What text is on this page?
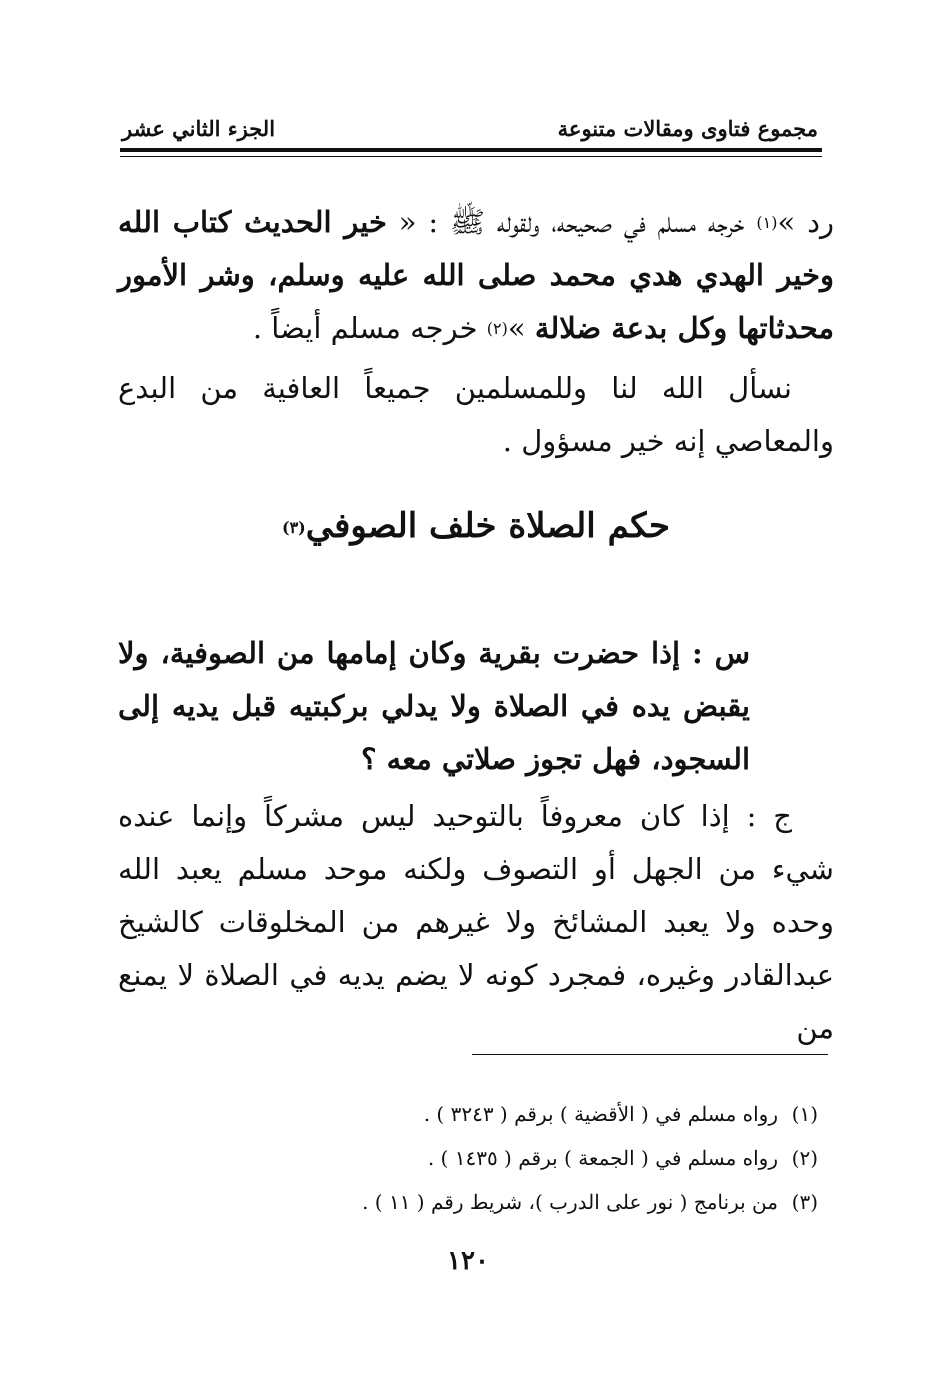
مجموع فتاوى ومقالات متنوعة
الجزء الثاني عشر
رد »$^{(١)}$ خرجه مسلم في صحيحه، ولقوله ﷺ : « خير الحديث كتاب الله وخير الهدي هدي محمد صلى الله عليه وسلم، وشر الأمور محدثاتها وكل بدعة ضلالة »$^{(٢)}$ خرجه مسلم أيضاً .
نسأل الله لنا وللمسلمين جميعاً العافية من البدع والمعاصي إنه خير مسؤول .
حكم الصلاة خلف الصوفي$^{(٣)}$
س : إذا حضرت بقرية وكان إمامها من الصوفية، ولا يقبض يده في الصلاة ولا يدلي بركبتيه قبل يديه إلى السجود، فهل تجوز صلاتي معه ؟
ج : إذا كان معروفاً بالتوحيد ليس مشركاً وإنما عنده شيء من الجهل أو التصوف ولكنه موحد مسلم يعبد الله وحده ولا يعبد المشائخ ولا غيرهم من المخلوقات كالشيخ عبدالقادر وغيره، فمجرد كونه لا يضم يديه في الصلاة لا يمنع من
(١)رواه مسلم في ( الأقضية ) برقم ( ٣٢٤٣ ) .
(٢)رواه مسلم في ( الجمعة ) برقم ( ١٤٣٥ ) .
(٣)من برنامج ( نور على الدرب )، شريط رقم ( ١١ ) .
١٢٠
